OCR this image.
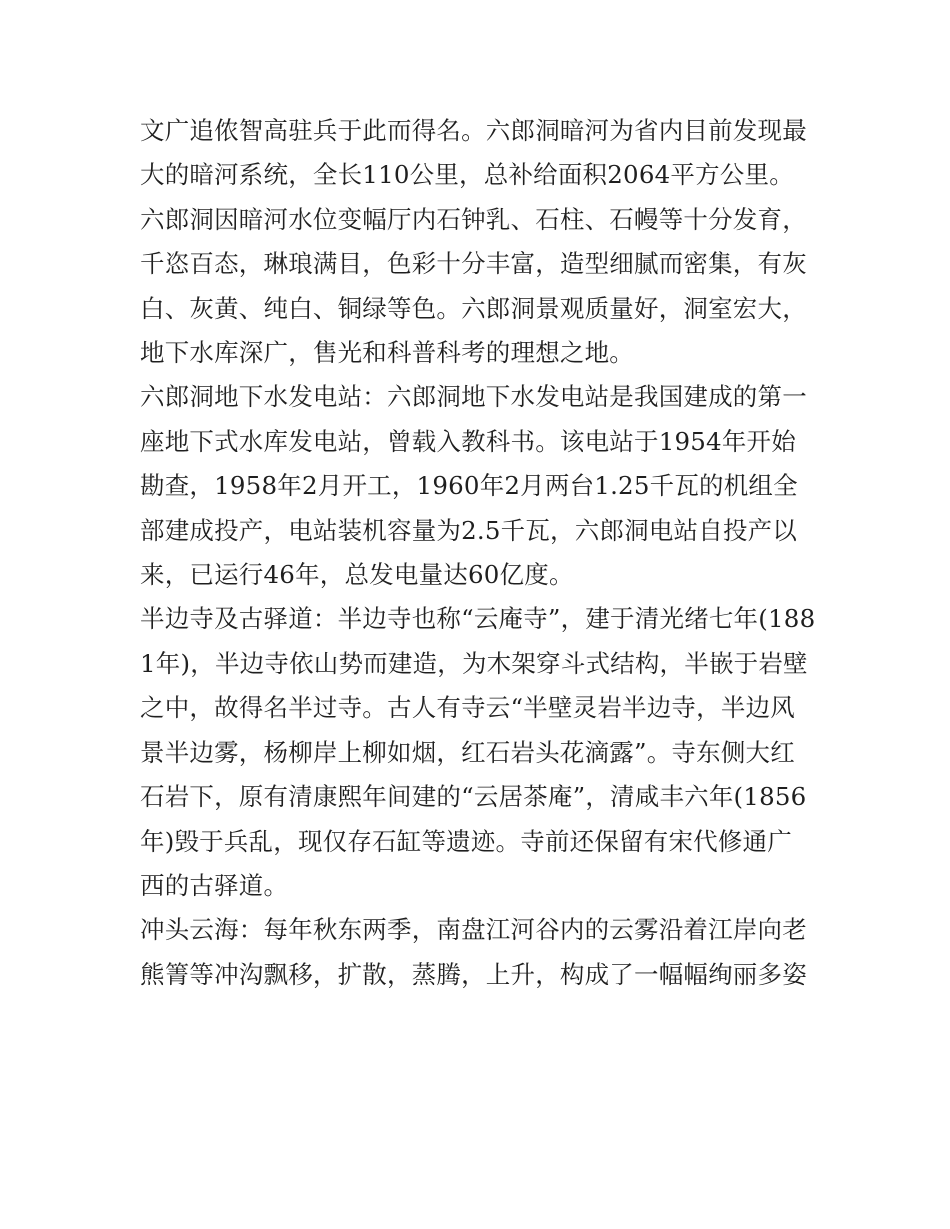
文广追侬智高驻兵于此而得名。六郎洞暗河为省内目前发现最大的暗河系统，全长110公里，总补给面积2064平方公里。六郎洞因暗河水位变幅厅内石钟乳、石柱、石幔等十分发育，千恣百态，琳琅满目，色彩十分丰富，造型细腻而密集，有灰白、灰黄、纯白、铜绿等色。六郎洞景观质量好，洞室宏大，地下水库深广，售光和科普科考的理想之地。

六郎洞地下水发电站：六郎洞地下水发电站是我国建成的第一座地下式水库发电站，曾载入教科书。该电站于1954年开始勘查，1958年2月开工，1960年2月两台1.25千瓦的机组全部建成投产，电站装机容量为2.5千瓦，六郎洞电站自投产以来，已运行46年，总发电量达60亿度。

半边寺及古驿道：半边寺也称“云庵寺”，建于清光绪七年(1881年)，半边寺依山势而建造，为木架穿斗式结构，半嵌于岩壁之中，故得名半过寺。古人有寺云“半壁灵岩半边寺，半边风景半边雾，杨柳岸上柳如烟，红石岩头花滴露”。寺东侧大红石岩下，原有清康熙年间建的“云居茶庵”，清咸丰六年(1856年)毁于兵乱，现仅存石缸等遗迹。寺前还保留有宋代修通广西的古驿道。

冲头云海：每年秋东两季，南盘江河谷内的云雾沿着江岸向老熊箐等冲沟飘移，扩散，蒸腾，上升，构成了一幅幅绚丽多姿
